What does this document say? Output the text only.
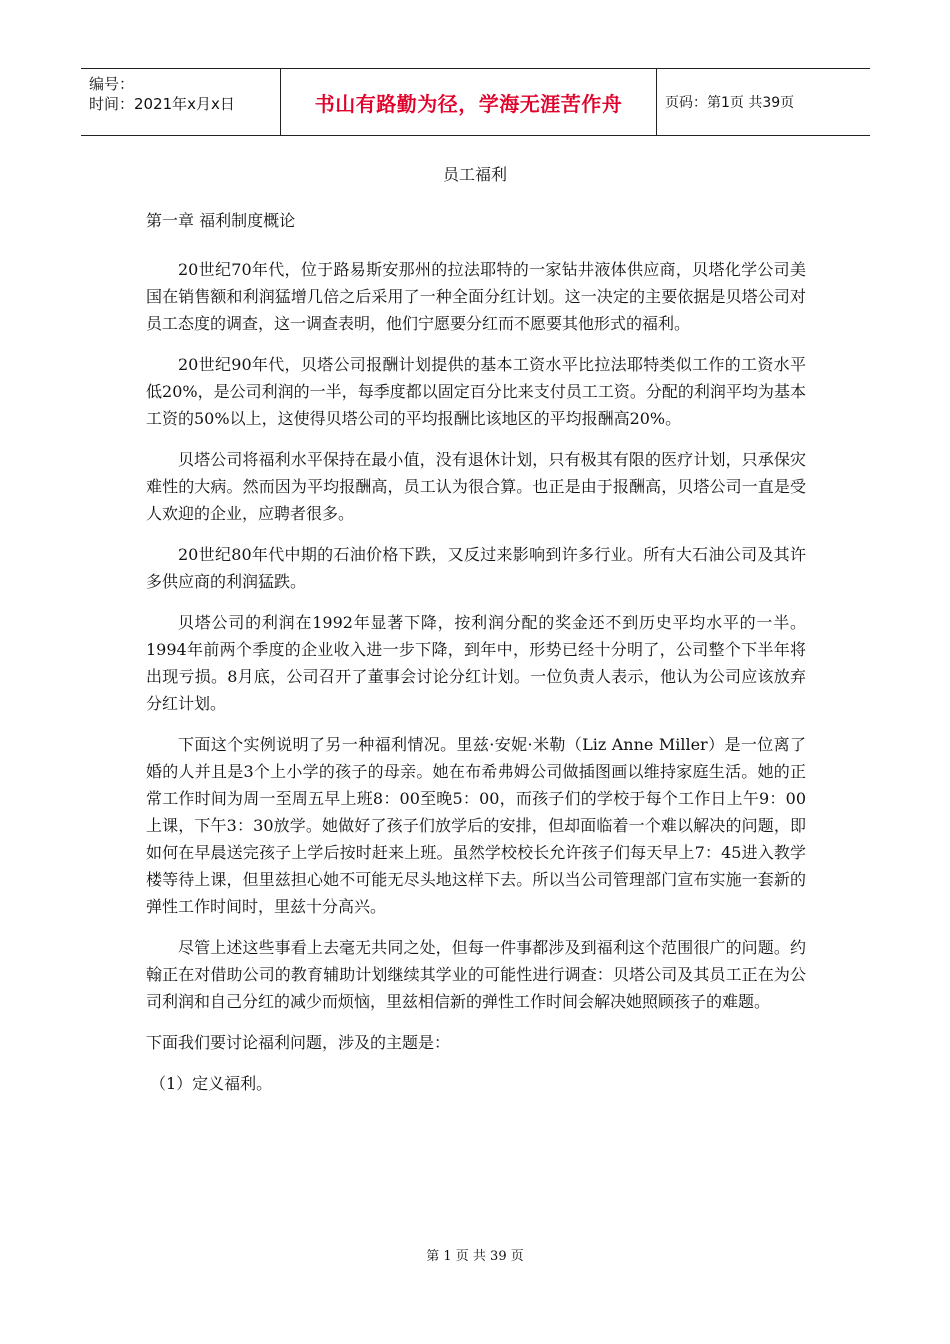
编号：
时间：2021年x月x日	书山有路勤为径，学海无涯苦作舟	页码：第1页 共39页
员工福利
第一章 福利制度概论

20世纪70年代，位于路易斯安那州的拉法耶特的一家钻井液体供应商，贝塔化学公司美国在销售额和利润猛增几倍之后采用了一种全面分红计划。这一决定的主要依据是贝塔公司对员工态度的调查，这一调查表明，他们宁愿要分红而不愿要其他形式的福利。

20世纪90年代，贝塔公司报酬计划提供的基本工资水平比拉法耶特类似工作的工资水平低20%，是公司利润的一半，每季度都以固定百分比来支付员工工资。分配的利润平均为基本工资的50%以上，这使得贝塔公司的平均报酬比该地区的平均报酬高20%。

贝塔公司将福利水平保持在最小值，没有退休计划，只有极其有限的医疗计划，只承保灾难性的大病。然而因为平均报酬高，员工认为很合算。也正是由于报酬高，贝塔公司一直是受人欢迎的企业，应聘者很多。

20世纪80年代中期的石油价格下跌，又反过来影响到许多行业。所有大石油公司及其许多供应商的利润猛跌。

贝塔公司的利润在1992年显著下降，按利润分配的奖金还不到历史平均水平的一半。1994年前两个季度的企业收入进一步下降，到年中，形势已经十分明了，公司整个下半年将出现亏损。8月底，公司召开了董事会讨论分红计划。一位负责人表示，他认为公司应该放弃分红计划。

下面这个实例说明了另一种福利情况。里兹·安妮·米勒（Liz Anne Miller）是一位离了婚的人并且是3个上小学的孩子的母亲。她在布希弗姆公司做插图画以维持家庭生活。她的正常工作时间为周一至周五早上班8：00至晚5：00，而孩子们的学校于每个工作日上午9：00上课，下午3：30放学。她做好了孩子们放学后的安排，但却面临着一个难以解决的问题，即如何在早晨送完孩子上学后按时赶来上班。虽然学校校长允许孩子们每天早上7：45进入教学楼等待上课，但里兹担心她不可能无尽头地这样下去。所以当公司管理部门宣布实施一套新的弹性工作时间时，里兹十分高兴。

尽管上述这些事看上去毫无共同之处，但每一件事都涉及到福利这个范围很广的问题。约翰正在对借助公司的教育辅助计划继续其学业的可能性进行调查：贝塔公司及其员工正在为公司利润和自己分红的减少而烦恼，里兹相信新的弹性工作时间会解决她照顾孩子的难题。

下面我们要讨论福利问题，涉及的主题是：

（1）定义福利。

第 1 页 共 39 页
